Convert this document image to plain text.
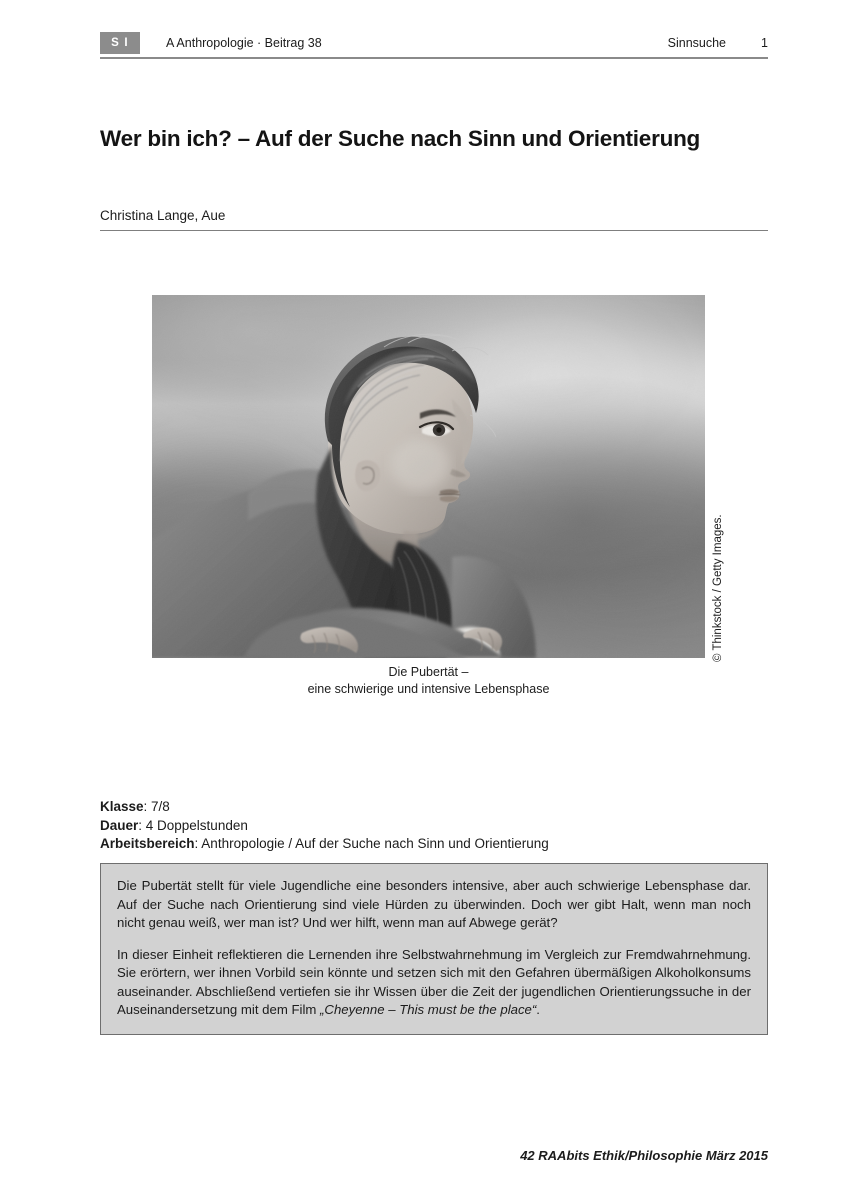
S I	A Anthropologie · Beitrag 38	Sinnsuche	1
Wer bin ich? – Auf der Suche nach Sinn und Orientierung
Christina Lange, Aue
© Thinkstock / Getty Images.
Die Pubertät –
eine schwierige und intensive Lebensphase
Klasse: 7/8
Dauer: 4 Doppelstunden
Arbeitsbereich: Anthropologie / Auf der Suche nach Sinn und Orientierung

Die Pubertät stellt für viele Jugendliche eine besonders intensive, aber auch schwierige Lebensphase dar. Auf der Suche nach Orientierung sind viele Hürden zu überwinden. Doch wer gibt Halt, wenn man noch nicht genau weiß, wer man ist? Und wer hilft, wenn man auf Abwege gerät?

In dieser Einheit reflektieren die Lernenden ihre Selbstwahrnehmung im Vergleich zur Fremdwahrnehmung. Sie erörtern, wer ihnen Vorbild sein könnte und setzen sich mit den Gefahren übermäßigen Alkoholkonsums auseinander. Abschließend vertiefen sie ihr Wissen über die Zeit der jugendlichen Orientierungssuche in der Auseinandersetzung mit dem Film „Cheyenne – This must be the place“.

42 RAAbits Ethik/Philosophie März 2015
